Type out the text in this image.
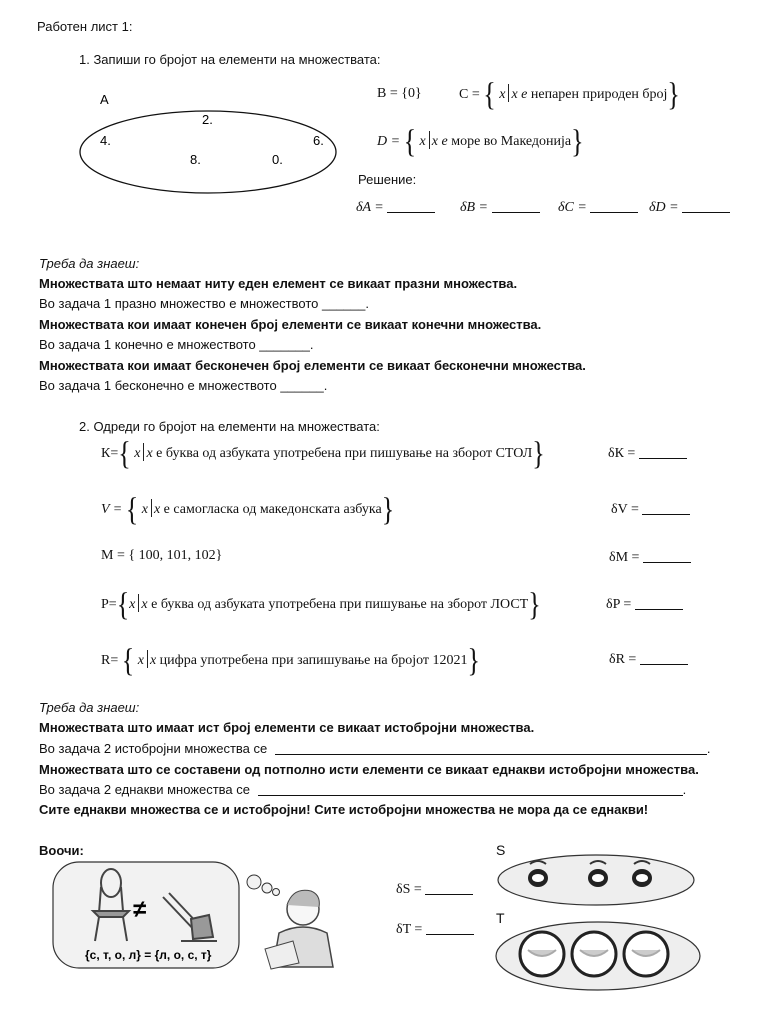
Работен лист 1:
1. Запиши го бројот на елементи на множествата:
A
2.
4.	6.
8.	0.
B = {0}	C = { x x е непарен природен број}
D = { x x е море во Македонија}
Решение:
δA =	δB =	δC =	δD =
Треба да знаеш:
Множествата што немаат ниту еден елемент се викаат празни множества.
Во задача 1 празно множество е множеството ______.
Множествата кои имаат конечен број елементи се викаат конечни множества.
Во задача 1 конечно е множеството _______.
Множествата кои имаат бесконечен број елементи се викаат бесконечни множества.
Во задача 1 бесконечно е множеството ______.
2. Одреди го бројот на елементи на множествата:
К={ x x е буква од азбуката употребена при пишување на зборот СТОЛ}	δК =
V = { x x е самогласка од македонската азбука}	δV =
M = { 100, 101, 102}	δM =
P={x x е буква од азбуката употребена при пишување на зборот ЛОСТ}	δP =
R= { x x цифра употребена при запишување на бројот 12021}	δR =
Треба да знаеш:
Множествата што имаат ист број елементи се викаат истобројни множества.
Во задача 2 истобројни множества се	.
Множествата што се составени од потполно исти елементи се викаат еднакви истобројни множества.
Во задача 2 еднакви множества се	.
Сите еднакви множества се и истобројни! Сите истобројни множества не мора да се еднакви!
Воочи:
≠
{с, т, о, л} = {л, о, с, т}
δS =
δT =
S
T
